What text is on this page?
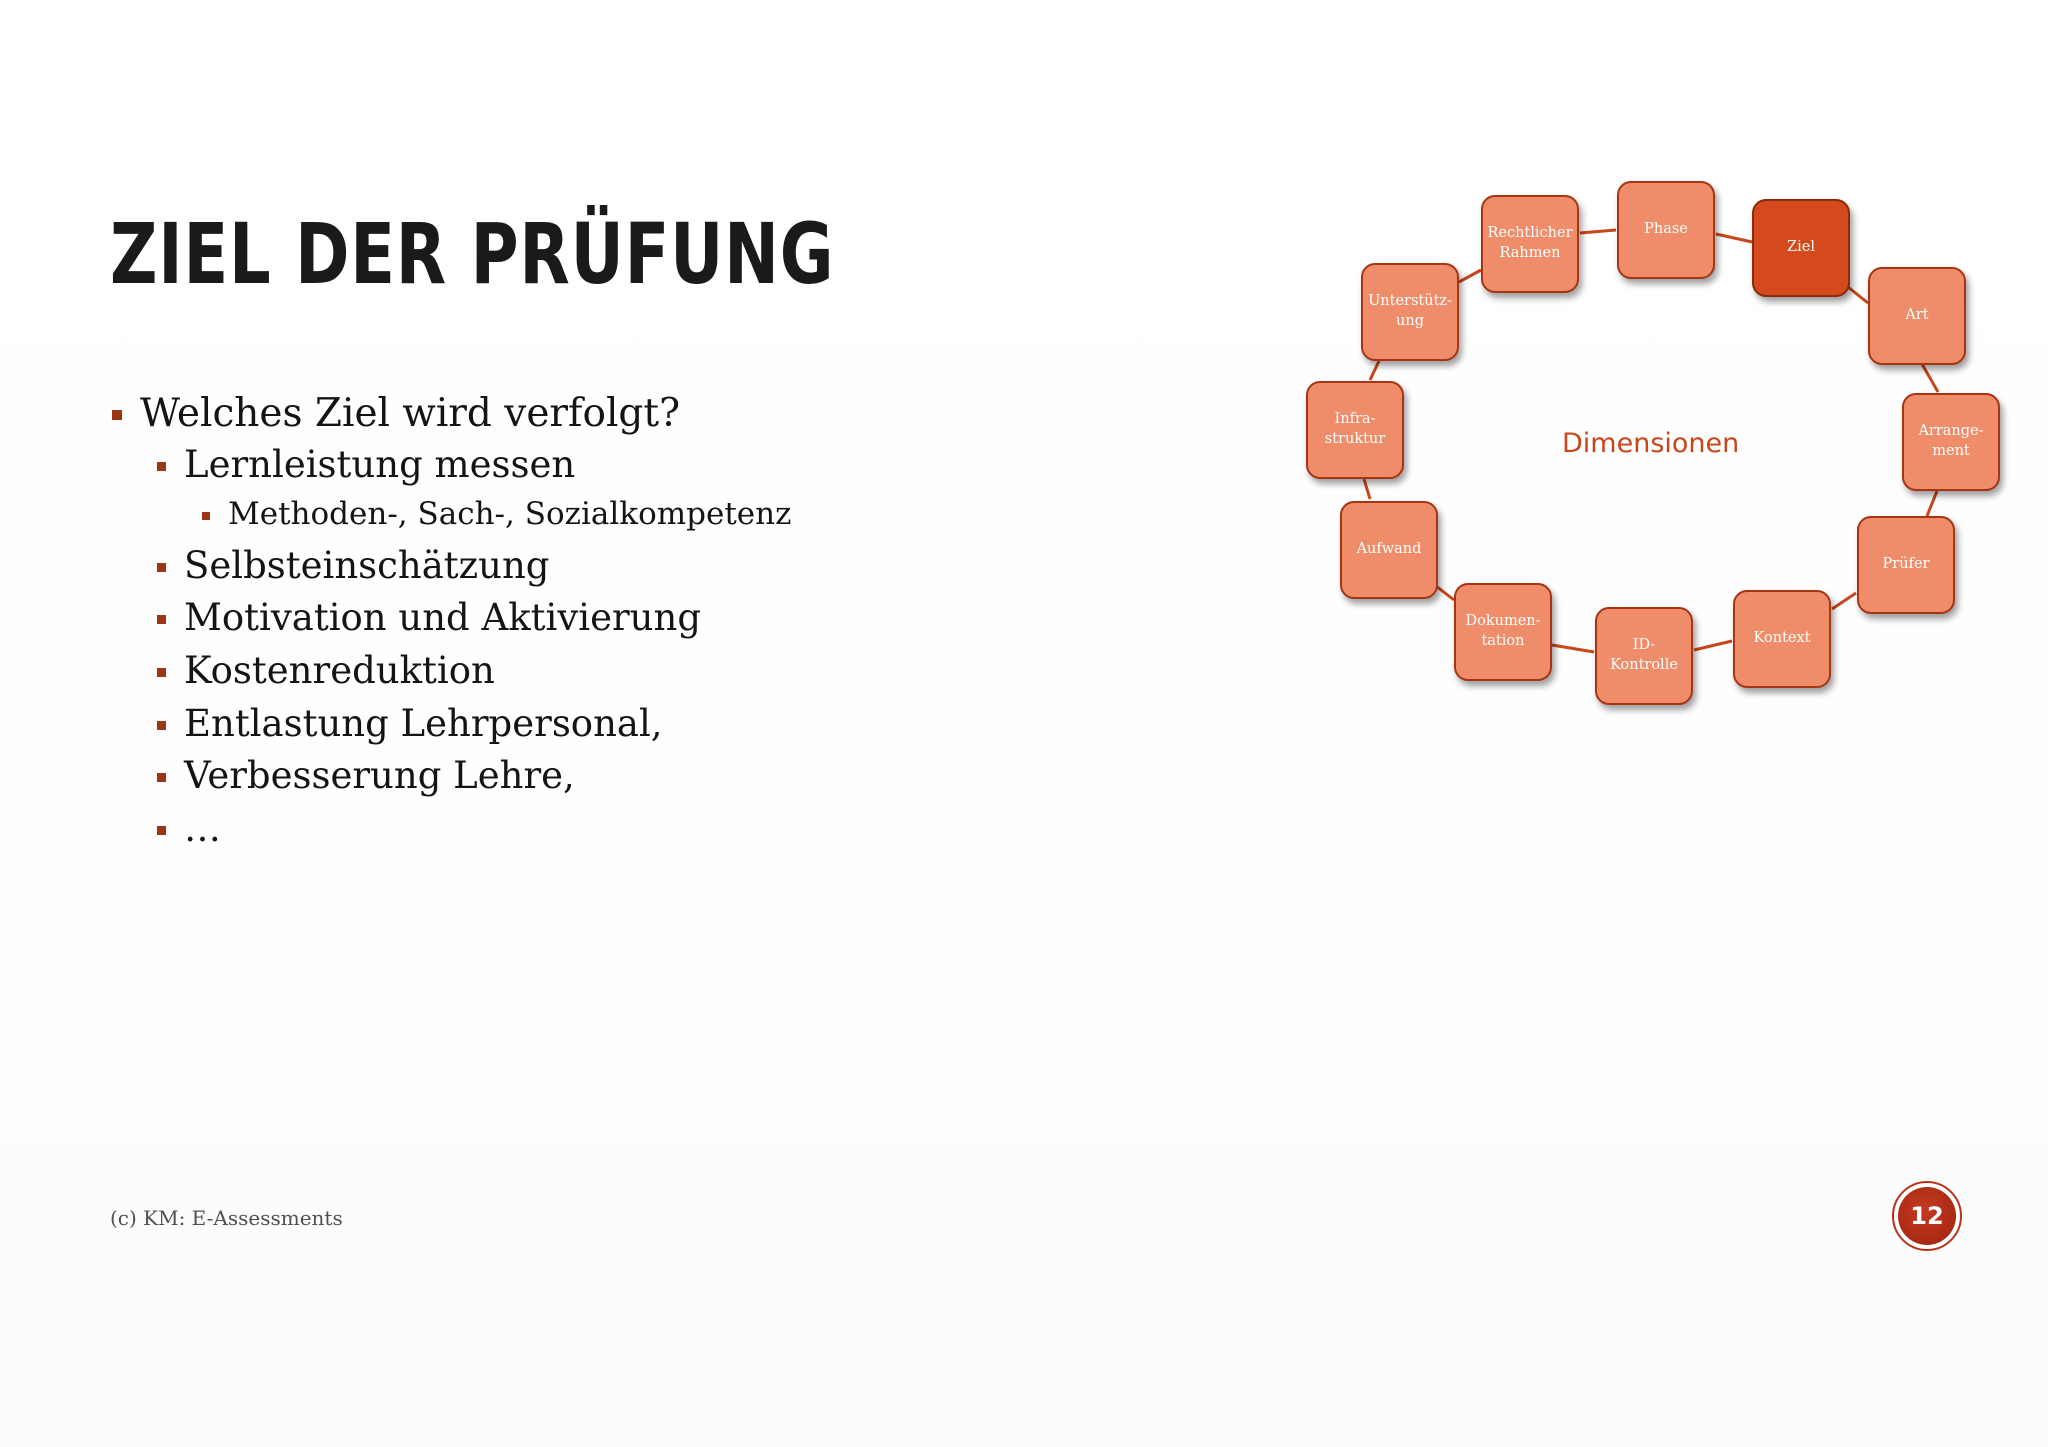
ZIEL DER PRÜFUNG
Welches Ziel wird verfolgt?
Lernleistung messen
Methoden-, Sach-, Sozialkompetenz
Selbsteinschätzung
Motivation und Aktivierung
Kostenreduktion
Entlastung Lehrpersonal,
Verbesserung Lehre,
…
Rechtlicher
Rahmen
Phase
Ziel
Art
Arrange-
ment
Prüfer
Kontext
ID-
Kontrolle
Dokumen-
tation
Aufwand
Infra-
struktur
Unterstütz-
ung
Dimensionen
(c) KM: E-Assessments	12
